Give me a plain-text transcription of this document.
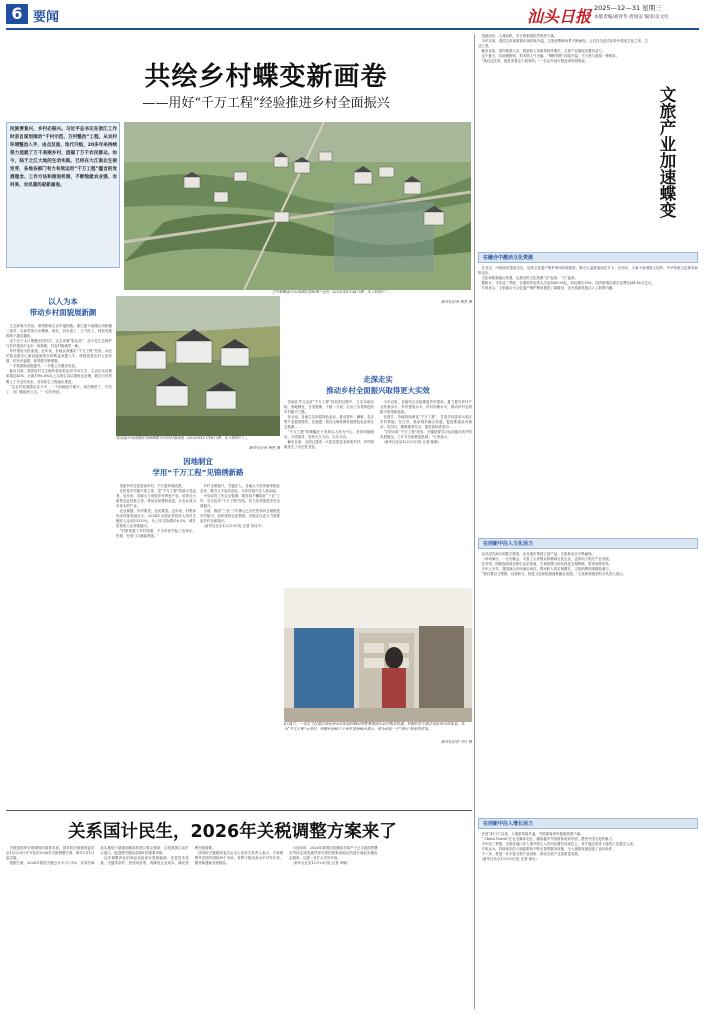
6 要闻	汕头日报 2025—12—31 星期三
本版责编/胡青华 唐国安 编审/吴文红
共绘乡村蝶变新画卷
——用好“千万工程”经验推进乡村全面振兴
民族要复兴，乡村必振兴。习近平总书记在浙江工作时亲自谋划推动“千村示范、万村整治”工程，从农村环境整治入手，由点及面、迭代升级，20多年来持续努力造就了万千美丽乡村，造福了万千农民群众。如今，陆于之江大地的生动实践，已经在大江南北生根发芽，各地各部门有力有效运用“千万工程”蕴含的发展理念、工作方法和推进机制，不断绘就农业强、农村美、农民富的崭新画卷。
空中俯瞰嘉兴市南湖区凤桥镇三星村（2025年3月26日摄，无人机照片）。
新华社记者 徐昱 摄
以人为本
带动乡村面貌展新颜
　生态环境与村容，深刻影响生活幸福指数。浙江嘉兴南湖区凤桥镇三星村，以前村里污水横流，现在，河水清了，人气旺了，绿色发展的路子越走越宽。
　这个位于人口集聚区的村庄，过去环境“脏乱差”，如今在生态保护与乡村建设中走出一条新路，村容村貌焕然一新。
　乡村建设为民而建。近年来，各地认真落实“千万工程”经验，从农民群众最关心最直接最现实的利益问题入手，持续改善农村人居环境，村民幸福感、获得感不断增强。
　一手抓基础设施提升，一手抓公共服务优化。
　截至目前，我国农村卫生厕所普及率达到75%左右，生活污水治理率超过45%，行政村96.8%以上实现生活垃圾收运处理，数百万村民喝上了安全饮用水，各项民生工程稳步推进。
　“过去村里道路坑洼不平，一下雨就泥泞难行，现在路宽了、灯亮了，出门就能坐公交。”一位村民说。
这是嘉兴市南湖区凤桥镇联丰村的村落景色（2025年11月18日摄，无人机照片）。
新华社记者 徐昱 摄
走深走实
推动乡村全面振兴取得更大实效
　各地在学习运用“千万工程”经验的过程中，立足本地实际，因地制宜、分类施策，不搞一刀切，走出了各具特色的乡村振兴之路。
　在云南，各地立足高原特色农业，推动茶叶、咖啡、花卉等产业提质增效；在福建，依托山海资源发展特色农业和生态旅游……
　“千万工程”的精髓在于坚持以人民为中心，坚持因地制宜、分类指导，坚持久久为功、久久为功。
　截至目前，全国已建成一大批宜居宜业和美乡村，乡村面貌发生了历史性变化。
　今年以来，各地结合实际推进乡村建设，着力提升乡村产业发展水平、乡村建设水平、乡村治理水平，推动乡村全面振兴取得新进展。
　在浙江，各地持续深化“千万工程”，打造共同富裕示范区乡村样板；在江苏，推动城乡融合发展，促进要素双向流动；在四川，聚焦粮食安全，建设高标准农田……
　“学好用好“千万工程”经验，关键是要学习运用蕴含其中的发展理念、工作方法和推进机制。”专家表示。
　（新华社北京12月29日电 记者 陈聪）
因地制宜
学用“千万工程”见锦绣新路
　美丽乡村还是富裕乡村，不只是环境改善。
　农民是乡村振兴的主体，是“千万工程”的最大受益者。近年来，各地大力发展乡村特色产业，培育壮大新型农业经营主体，带动农民增收致富，让农业成为有奔头的产业。
　农业要强，乡村要美，农民要富。近年来，村集体经济持续发展壮大，2024年全国农村居民人均可支配收入达到23119元，比上年实际增长6.3%，城乡居民收入比持续缩小。
　“村里发展了乡村旅游，不少村民开起了农家乐、民宿，在家门口就能挣钱。”
　乡村全面振兴，关键在人。各地大力培育新型职业农民，吸引人才返乡创业，为乡村振兴注入新动能。
　中央农村工作会议强调，要坚持不懈抓好“三农”工作，学习运用“千万工程”经验，有力有效推进乡村全面振兴。
　当前，我国“三农”工作重心已历史性转向全面推进乡村振兴，加快建设农业强国。各地正以更大力度推进乡村全面振兴。
　（新华社北京12月29日电 记者 刘诗平）
6月4日，一名女子在浙江省杭州市淳安县梓桐村的智慧便民小站内购买快递，梓桐村位于浙江省杭州市淳安县，作为“千万工程”示范村，梓桐村持续三十多年坚持绿水青山，成为淳安一个“两山”转化的样本。
新华社记者 马竹 摄
关系国计民生，2026年关税调整方案来了
　关税是国家宏观调控的重要手段。国务院关税税则委员会12月29日对外发布2026年关税调整方案，明年1月1日起实施。
　根据方案，2026年我国关税总水平为7.3%。对部分商品实施低于最惠国税率的进口暂定税率，这是我国主动扩大进口、促进国内国际双循环的重要举措。
　这次调整涉及的商品包括部分资源能源、先进技术设备、关键零部件、医药用品等，将降低企业成本，满足消费升级需要。
　国务院关税税则委员会办公室有关负责人表示，方案统筹考虑国内国际两个市场，有利于推动高水平对外开放，服务构建新发展格局。
　与此同时，2026年我国还将继续对原产于已与我国签署自贸协定或优惠贸易安排的国家或地区的部分商品实施协定税率，以进一步扩大对外开放。
　（新华社北京12月29日电 记者 申铖）
　组团而至、人流如织，冬日的旅游依然热度不减。
　今年以来，我国文化和旅游市场持续升温，文旅消费新场景不断涌现，人们在沉浸式体验中感受文化之美、生活之美。
　截至目前，国内旅游人次、旅游收入均保持较快增长，文旅产业展现出强劲活力。
　这个夏天，各地博物馆、美术馆人气火爆，“博物馆热”持续升温，不少热门展览一票难求。
　“我们这次来，就是冲着这个展来的。”一位从外地专程赶来的游客说。
文旅产业加速蝶变
在融合中激活文化资源
　在北京，中轴线申遗成功后，沿线文化遗产保护利用持续推进，吸引大量游客前往打卡；在西安，大唐不夜城游人如织，中华传统文化焕发新的光彩。
　文化和旅游融合发展，让静态的文化资源“活”起来、“火”起来。
　据统计，今年前三季度，全国国内出游人次达到49.98亿，同比增长18%，国内游客出游总花费达到4.85万亿元。
　专家表示，文旅融合为文化遗产保护利用提供了新路径，也为旅游发展注入了新的内涵。
在创新中注入文化活力
　从沉浸式演出到数字展览，从非遗市集到文创产品，文旅新业态不断涌现。
　一场场演出、一台台晚会，丰富了人民群众的精神文化生活，也带动了相关产业发展。
　在苏州，园林夜游项目吸引众多游客，古典园林与现代科技交相辉映，带来别样体验。
　今年上半年，我国演出市场演出场次、票房收入均实现增长，文旅消费持续释放潜力。
　“我们要以文塑旅、以旅彰文，推进文化和旅游深度融合发展。”文化和旅游部有关负责人表示。
在创新中注入增长活力
　开创“4个月”以来，入境游持续升温，外国游客来华旅游热度不减。
　“ China Travel”在社交媒体走红，越来越多外国游客来到中国，感受中国文化的魅力。
　今年前三季度，全国各地口岸入境外国人人次同比增长四成以上，其中通过免签入境的占比超过七成。
　专家认为，持续优化的入境政策和不断完善的服务设施，为入境游发展创造了良好条件。
　下一步，将进一步丰富文旅产品供给，推动文旅产业高质量发展。
　（新华社北京12月29日电 记者 徐壮）
